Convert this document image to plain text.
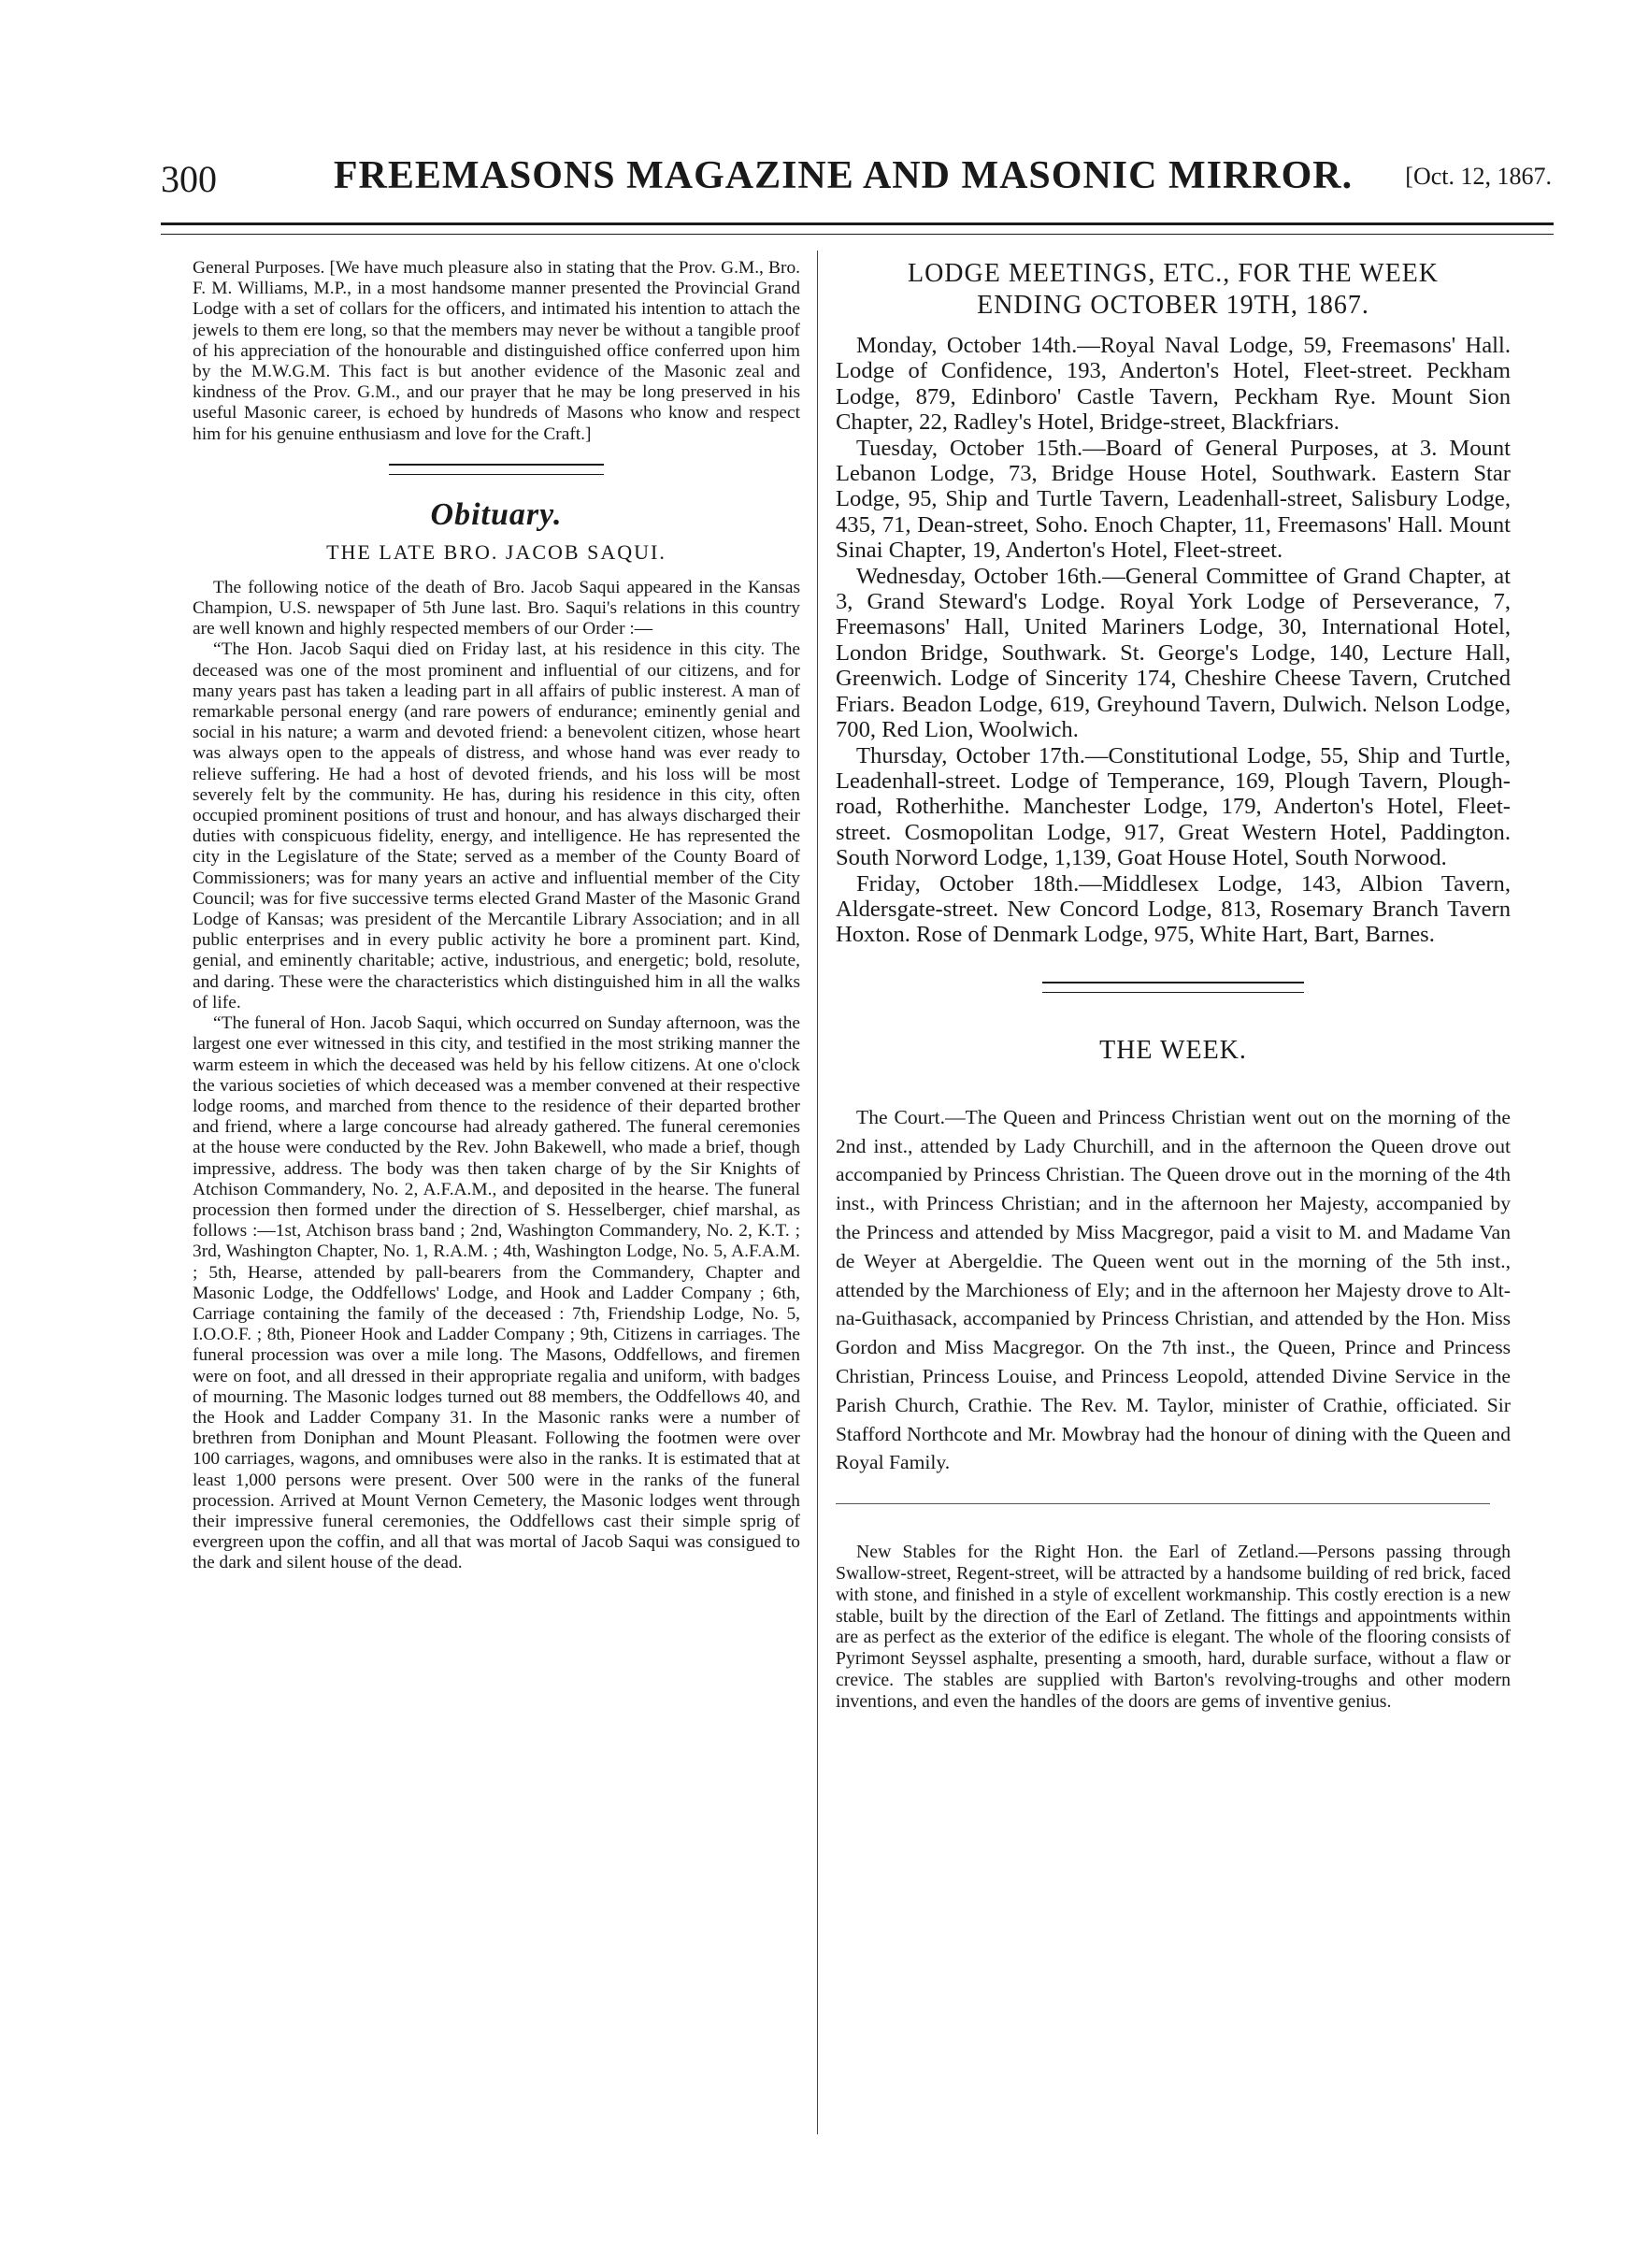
300	FREEMASONS MAGAZINE AND MASONIC MIRROR.	[Oct. 12, 1867.

General Purposes. [We have much pleasure also in stating that the Prov. G.M., Bro. F. M. Williams, M.P., in a most handsome manner presented the Provincial Grand Lodge with a set of collars for the officers, and intimated his intention to attach the jewels to them ere long, so that the members may never be without a tangible proof of his appreciation of the honourable and distinguished office conferred upon him by the M.W.G.M. This fact is but another evidence of the Masonic zeal and kindness of the Prov. G.M., and our prayer that he may be long preserved in his useful Masonic career, is echoed by hundreds of Masons who know and respect him for his genuine enthusiasm and love for the Craft.]

Obituary.

THE LATE BRO. JACOB SAQUI.

The following notice of the death of Bro. Jacob Saqui appeared in the Kansas Champion, U.S. newspaper of 5th June last. Bro. Saqui's relations in this country are well known and highly respected members of our Order :—

“The Hon. Jacob Saqui died on Friday last, at his residence in this city. The deceased was one of the most prominent and influential of our citizens, and for many years past has taken a leading part in all affairs of public insterest. A man of remarkable personal energy (and rare powers of endurance; eminently genial and social in his nature; a warm and devoted friend: a benevolent citizen, whose heart was always open to the appeals of distress, and whose hand was ever ready to relieve suffering. He had a host of devoted friends, and his loss will be most severely felt by the community. He has, during his residence in this city, often occupied prominent positions of trust and honour, and has always discharged their duties with conspicuous fidelity, energy, and intelligence. He has represented the city in the Legislature of the State; served as a member of the County Board of Commissioners; was for many years an active and influential member of the City Council; was for five successive terms elected Grand Master of the Masonic Grand Lodge of Kansas; was president of the Mercantile Library Association; and in all public enterprises and in every public activity he bore a prominent part. Kind, genial, and eminently charitable; active, industrious, and energetic; bold, resolute, and daring. These were the characteristics which distinguished him in all the walks of life.

“The funeral of Hon. Jacob Saqui, which occurred on Sunday afternoon, was the largest one ever witnessed in this city, and testified in the most striking manner the warm esteem in which the deceased was held by his fellow citizens. At one o'clock the various societies of which deceased was a member convened at their respective lodge rooms, and marched from thence to the residence of their departed brother and friend, where a large concourse had already gathered. The funeral ceremonies at the house were conducted by the Rev. John Bakewell, who made a brief, though impressive, address. The body was then taken charge of by the Sir Knights of Atchison Commandery, No. 2, A.F.A.M., and deposited in the hearse. The funeral procession then formed under the direction of S. Hesselberger, chief marshal, as follows :—1st, Atchison brass band ; 2nd, Washington Commandery, No. 2, K.T. ; 3rd, Washington Chapter, No. 1, R.A.M. ; 4th, Washington Lodge, No. 5, A.F.A.M. ; 5th, Hearse, attended by pall-bearers from the Commandery, Chapter and Masonic Lodge, the Oddfellows' Lodge, and Hook and Ladder Company ; 6th, Carriage containing the family of the deceased : 7th, Friendship Lodge, No. 5, I.O.O.F. ; 8th, Pioneer Hook and Ladder Company ; 9th, Citizens in carriages. The funeral procession was over a mile long. The Masons, Oddfellows, and firemen were on foot, and all dressed in their appropriate regalia and uniform, with badges of mourning. The Masonic lodges turned out 88 members, the Oddfellows 40, and the Hook and Ladder Company 31. In the Masonic ranks were a number of brethren from Doniphan and Mount Pleasant. Following the footmen were over 100 carriages, wagons, and omnibuses were also in the ranks. It is estimated that at least 1,000 persons were present. Over 500 were in the ranks of the funeral procession. Arrived at Mount Vernon Cemetery, the Masonic lodges went through their impressive funeral ceremonies, the Oddfellows cast their simple sprig of evergreen upon the coffin, and all that was mortal of Jacob Saqui was consigued to the dark and silent house of the dead.

LODGE MEETINGS, ETC., FOR THE WEEK

ENDING OCTOBER 19TH, 1867.

Monday, October 14th.—Royal Naval Lodge, 59, Freemasons' Hall. Lodge of Confidence, 193, Anderton's Hotel, Fleet-street. Peckham Lodge, 879, Edinboro' Castle Tavern, Peckham Rye. Mount Sion Chapter, 22, Radley's Hotel, Bridge-street, Blackfriars.

Tuesday, October 15th.—Board of General Purposes, at 3. Mount Lebanon Lodge, 73, Bridge House Hotel, Southwark. Eastern Star Lodge, 95, Ship and Turtle Tavern, Leadenhall-street, Salisbury Lodge, 435, 71, Dean-street, Soho. Enoch Chapter, 11, Freemasons' Hall. Mount Sinai Chapter, 19, Anderton's Hotel, Fleet-street.

Wednesday, October 16th.—General Committee of Grand Chapter, at 3, Grand Steward's Lodge. Royal York Lodge of Perseverance, 7, Freemasons' Hall, United Mariners Lodge, 30, International Hotel, London Bridge, Southwark. St. George's Lodge, 140, Lecture Hall, Greenwich. Lodge of Sincerity 174, Cheshire Cheese Tavern, Crutched Friars. Beadon Lodge, 619, Greyhound Tavern, Dulwich. Nelson Lodge, 700, Red Lion, Woolwich.

Thursday, October 17th.—Constitutional Lodge, 55, Ship and Turtle, Leadenhall-street. Lodge of Temperance, 169, Plough Tavern, Plough-road, Rotherhithe. Manchester Lodge, 179, Anderton's Hotel, Fleet-street. Cosmopolitan Lodge, 917, Great Western Hotel, Paddington. South Norword Lodge, 1,139, Goat House Hotel, South Norwood.

Friday, October 18th.—Middlesex Lodge, 143, Albion Tavern, Aldersgate-street. New Concord Lodge, 813, Rosemary Branch Tavern Hoxton. Rose of Denmark Lodge, 975, White Hart, Bart, Barnes.

THE WEEK.

The Court.—The Queen and Princess Christian went out on the morning of the 2nd inst., attended by Lady Churchill, and in the afternoon the Queen drove out accompanied by Princess Christian. The Queen drove out in the morning of the 4th inst., with Princess Christian; and in the afternoon her Majesty, accompanied by the Princess and attended by Miss Macgregor, paid a visit to M. and Madame Van de Weyer at Abergeldie. The Queen went out in the morning of the 5th inst., attended by the Marchioness of Ely; and in the afternoon her Majesty drove to Alt-na-Guithasack, accompanied by Princess Christian, and attended by the Hon. Miss Gordon and Miss Macgregor. On the 7th inst., the Queen, Prince and Princess Christian, Princess Louise, and Princess Leopold, attended Divine Service in the Parish Church, Crathie. The Rev. M. Taylor, minister of Crathie, officiated. Sir Stafford Northcote and Mr. Mowbray had the honour of dining with the Queen and Royal Family.

New Stables for the Right Hon. the Earl of Zetland.—Persons passing through Swallow-street, Regent-street, will be attracted by a handsome building of red brick, faced with stone, and finished in a style of excellent workmanship. This costly erection is a new stable, built by the direction of the Earl of Zetland. The fittings and appointments within are as perfect as the exterior of the edifice is elegant. The whole of the flooring consists of Pyrimont Seyssel asphalte, presenting a smooth, hard, durable surface, without a flaw or crevice. The stables are supplied with Barton's revolving-troughs and other modern inventions, and even the handles of the doors are gems of inventive genius.
